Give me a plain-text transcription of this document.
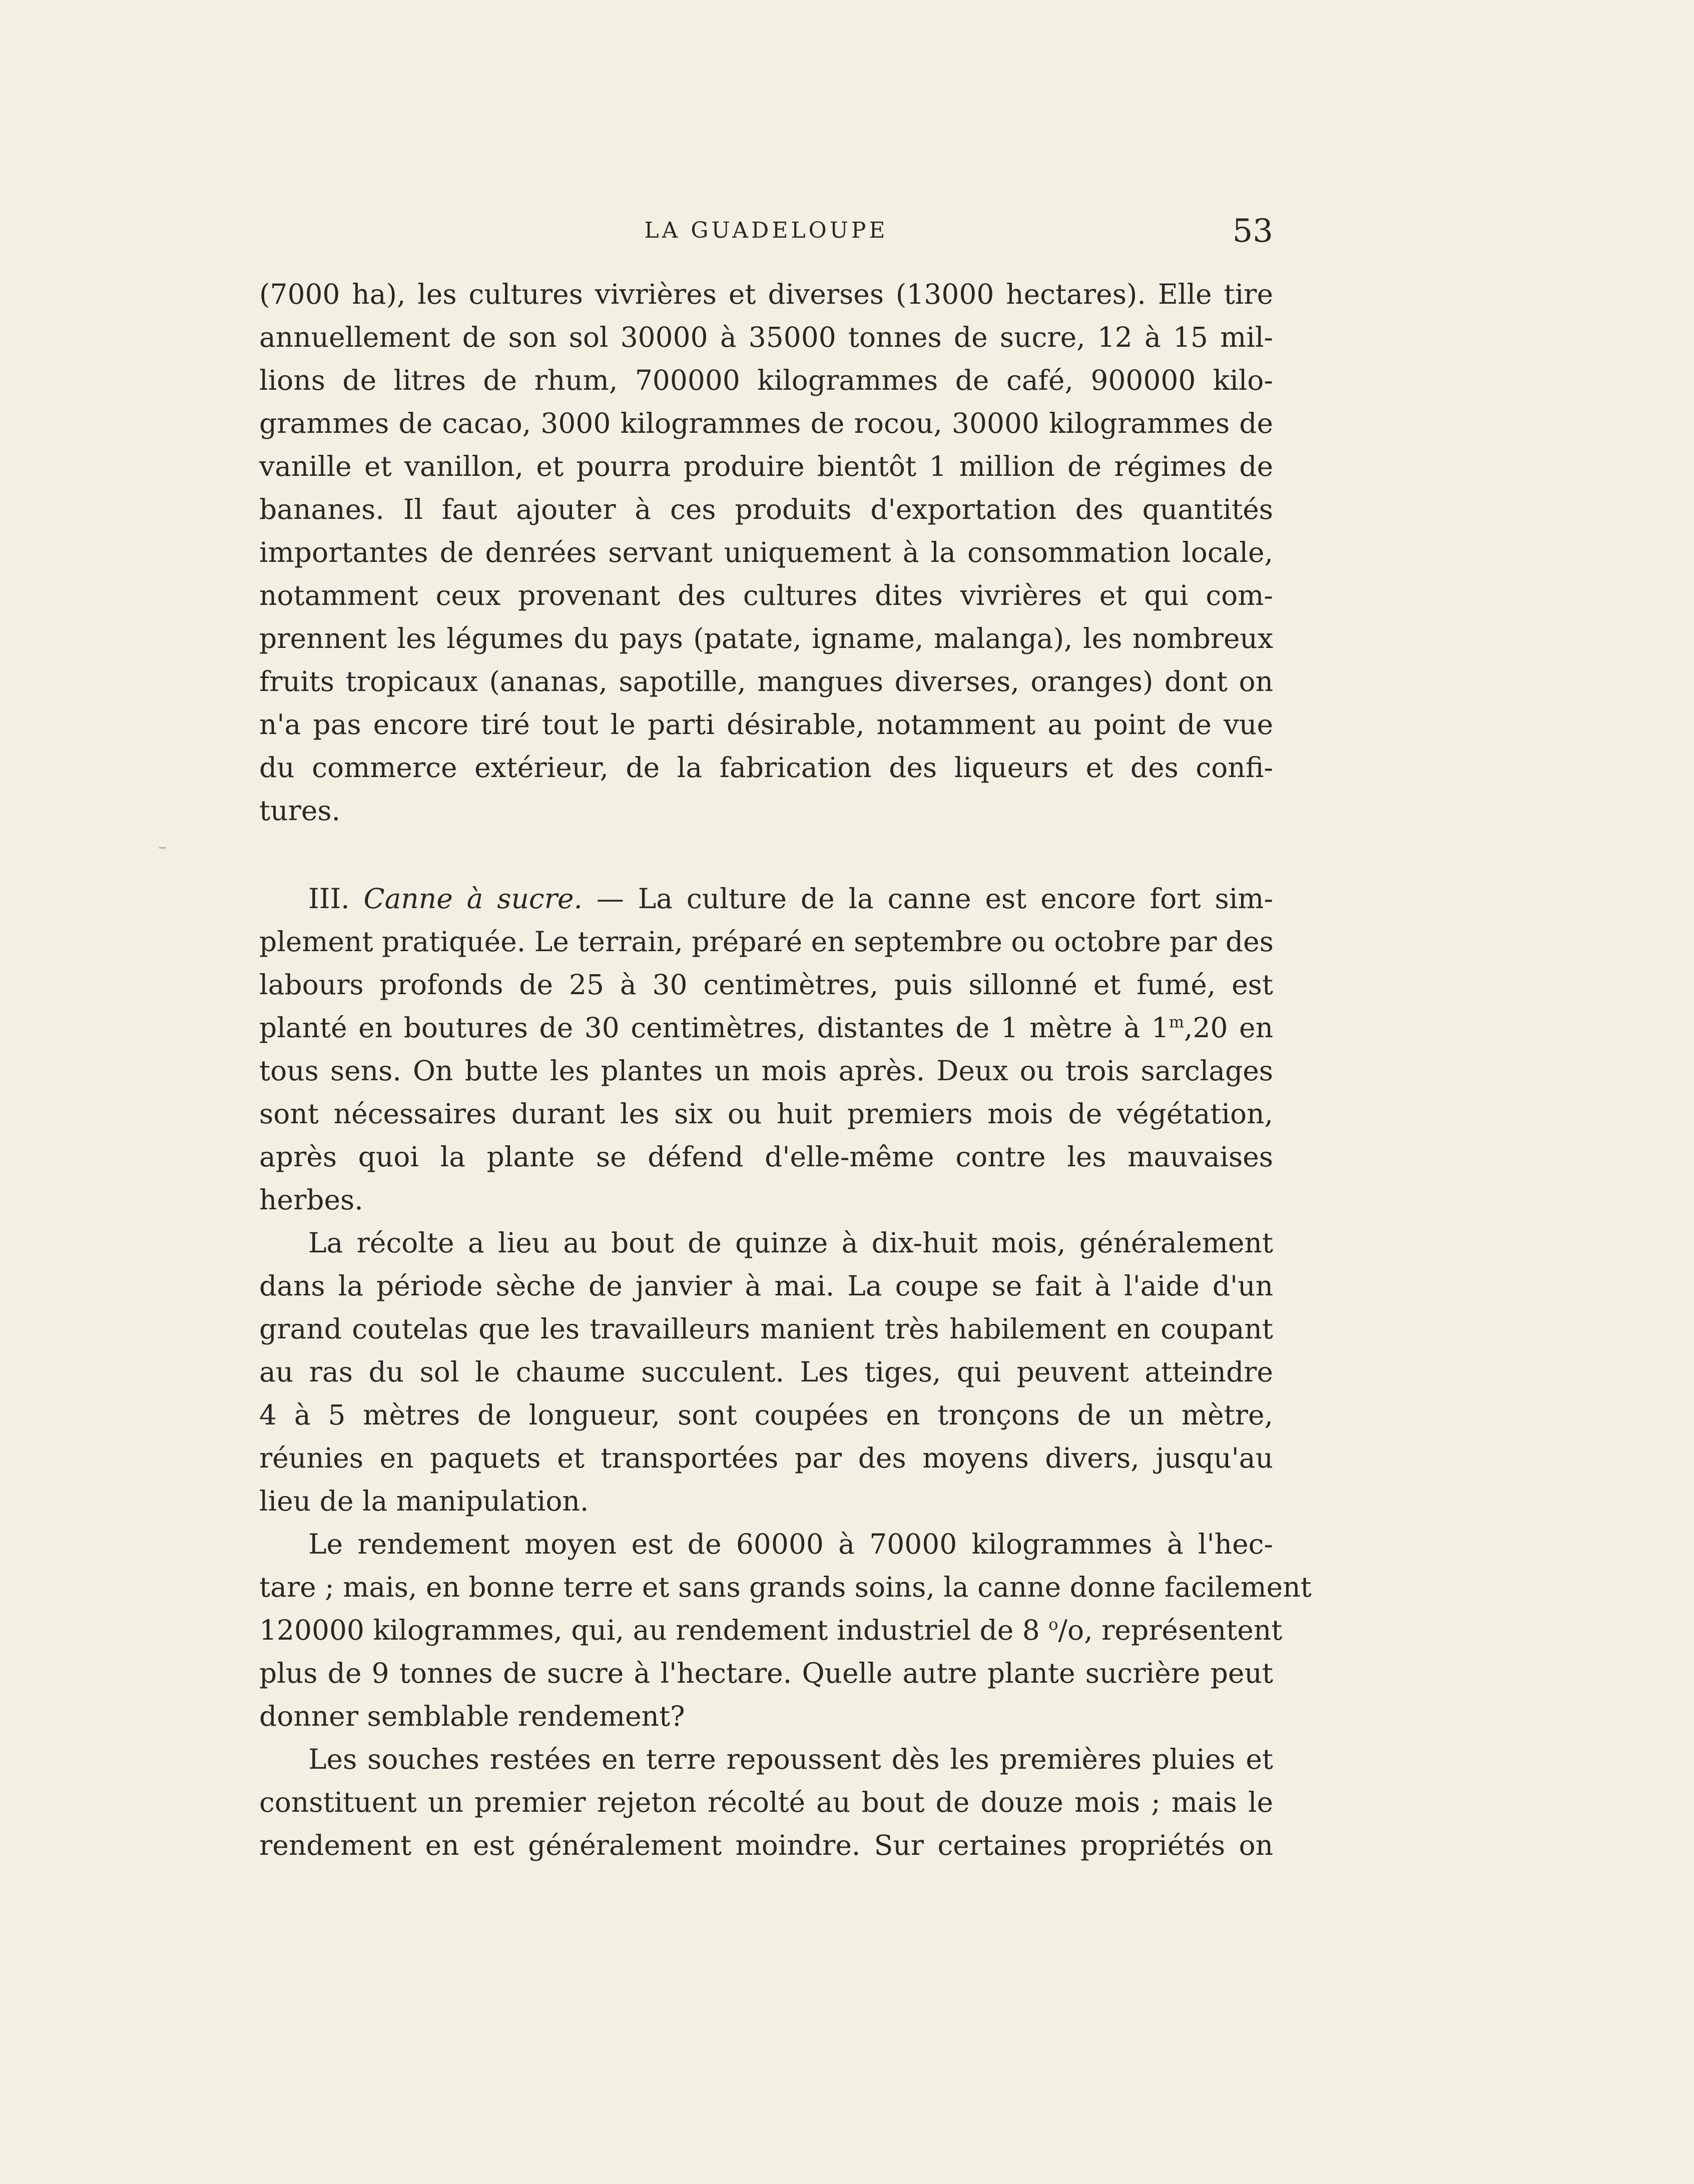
LA GUADELOUPE	53
(7000 ha), les cultures vivrières et diverses (13000 hectares). Elle tire
annuellement de son sol 30000 à 35000 tonnes de sucre, 12 à 15 mil-
lions de litres de rhum, 700000 kilogrammes de café, 900000 kilo-
grammes de cacao, 3000 kilogrammes de rocou, 30000 kilogrammes de
vanille et vanillon, et pourra produire bientôt 1 million de régimes de
bananes. Il faut ajouter à ces produits d'exportation des quantités
importantes de denrées servant uniquement à la consommation locale,
notamment ceux provenant des cultures dites vivrières et qui com-
prennent les légumes du pays (patate, igname, malanga), les nombreux
fruits tropicaux (ananas, sapotille, mangues diverses, oranges) dont on
n'a pas encore tiré tout le parti désirable, notamment au point de vue
du commerce extérieur, de la fabrication des liqueurs et des confi-
tures.
III. Canne à sucre. — La culture de la canne est encore fort sim-
plement pratiquée. Le terrain, préparé en septembre ou octobre par des
labours profonds de 25 à 30 centimètres, puis sillonné et fumé, est
planté en boutures de 30 centimètres, distantes de 1 mètre à 1$^m$,20 en
tous sens. On butte les plantes un mois après. Deux ou trois sarclages
sont nécessaires durant les six ou huit premiers mois de végétation,
après quoi la plante se défend d'elle-même contre les mauvaises
herbes.
La récolte a lieu au bout de quinze à dix-huit mois, généralement
dans la période sèche de janvier à mai. La coupe se fait à l'aide d'un
grand coutelas que les travailleurs manient très habilement en coupant
au ras du sol le chaume succulent. Les tiges, qui peuvent atteindre
4 à 5 mètres de longueur, sont coupées en tronçons de un mètre,
réunies en paquets et transportées par des moyens divers, jusqu'au
lieu de la manipulation.
Le rendement moyen est de 60000 à 70000 kilogrammes à l'hec-
tare ; mais, en bonne terre et sans grands soins, la canne donne facilement
120000 kilogrammes, qui, au rendement industriel de 8 $^o$/o, représentent
plus de 9 tonnes de sucre à l'hectare. Quelle autre plante sucrière peut
donner semblable rendement?
Les souches restées en terre repoussent dès les premières pluies et
constituent un premier rejeton récolté au bout de douze mois ; mais le
rendement en est généralement moindre. Sur certaines propriétés on
